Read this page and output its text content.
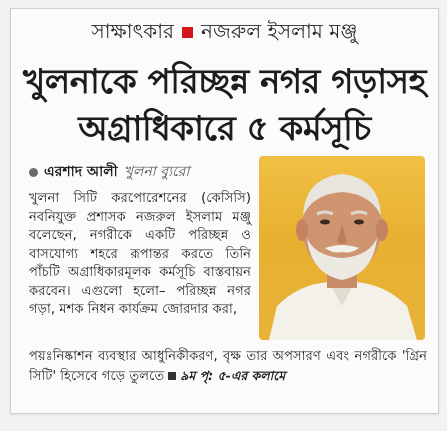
সাক্ষাৎকার নজরুল ইসলাম মঞ্জু
খুলনাকে পরিচ্ছন্ন নগর গড়াসহ
অগ্রাধিকারে ৫ কর্মসূচি
এরশাদ আলী খুলনা ব্যুরো
খুলনা সিটি করপোরেশনের (কেসিসি) নবনিযুক্ত প্রশাসক নজরুল ইসলাম মঞ্জু বলেছেন, নগরীকে একটি পরিচ্ছন্ন ও বাসযোগ্য শহরে রূপান্তর করতে তিনি পাঁচটি অগ্রাধিকারমূলক কর্মসূচি বাস্তবায়ন করবেন। এগুলো হলো– পরিচ্ছন্ন নগর গড়া, মশক নিধন কার্যক্রম জোরদার করা,
পয়ঃনিষ্কাশন ব্যবস্থার আধুনিকীকরণ, বৃক্ষ তার অপসারণ এবং নগরীকে 'গ্রিন সিটি' হিসেবে গড়ে তুলতে ৯ম পৃ: ৫-এর কলামে
